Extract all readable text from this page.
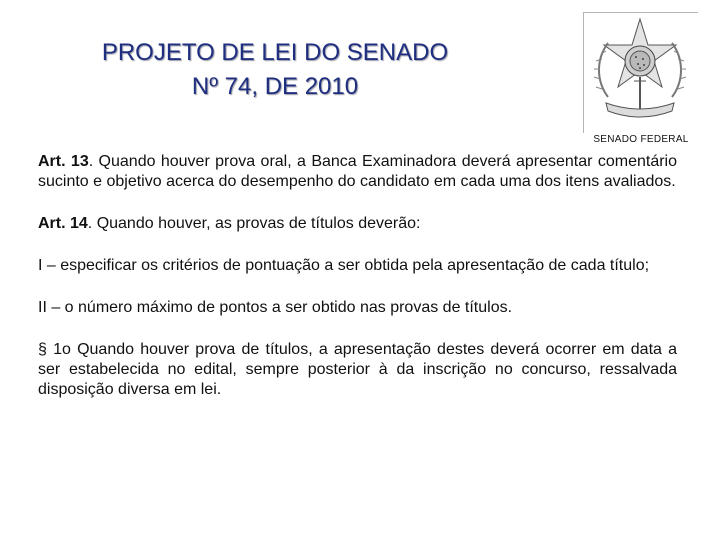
PROJETO DE LEI DO SENADO
Nº 74, DE 2010
SENADO FEDERAL

Art. 13. Quando houver prova oral, a Banca Examinadora deverá apresentar comentário sucinto e objetivo acerca do desempenho do candidato em cada uma dos itens avaliados.

Art. 14. Quando houver, as provas de títulos deverão:

I – especificar os critérios de pontuação a ser obtida pela apresentação de cada título;

II – o número máximo de pontos a ser obtido nas provas de títulos.

§ 1o Quando houver prova de títulos, a apresentação destes deverá ocorrer em data a ser estabelecida no edital, sempre posterior à da inscrição no concurso, ressalvada disposição diversa em lei.
